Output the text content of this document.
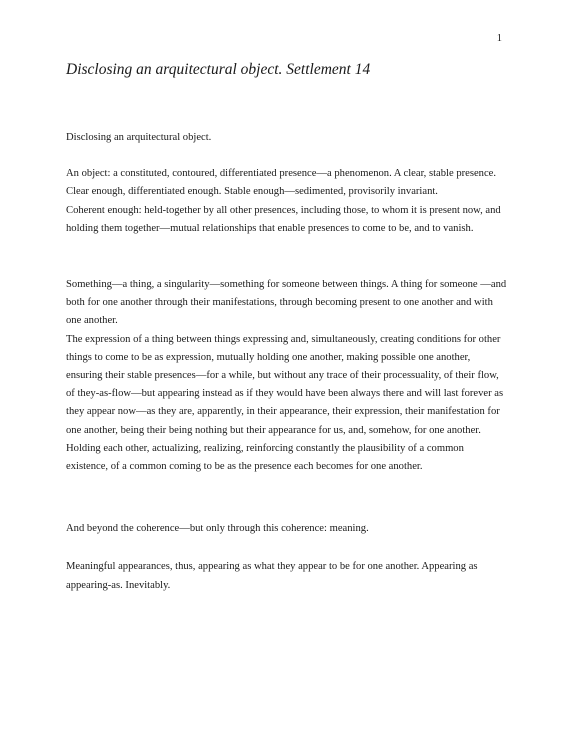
1
Disclosing an arquitectural object. Settlement 14

Disclosing an arquitectural object.

An object: a constituted, contoured, differentiated presence—a phenomenon. A clear, stable presence.

Clear enough, differentiated enough. Stable enough—sedimented, provisorily invariant.

Coherent enough: held-together by all other presences, including those, to whom it is present now, and holding them together—mutual relationships that enable presences to come to be, and to vanish.

Something—a thing, a singularity—something for someone between things. A thing for someone —and both for one another through their manifestations, through becoming present to one another and with one another.

The expression of a thing between things expressing and, simultaneously, creating conditions for other things to come to be as expression, mutually holding one another, making possible one another, ensuring their stable presences—for a while, but without any trace of their processuality, of their flow, of they-as-flow—but appearing instead as if they would have been always there and will last forever as they appear now—as they are, apparently, in their appearance, their expression, their manifestation for one another, being their being nothing but their appearance for us, and, somehow, for one another. Holding each other, actualizing, realizing, reinforcing constantly the plausibility of a common existence, of a common coming to be as the presence each becomes for one another.

And beyond the coherence—but only through this coherence: meaning.

Meaningful appearances, thus, appearing as what they appear to be for one another. Appearing as appearing-as. Inevitably.
